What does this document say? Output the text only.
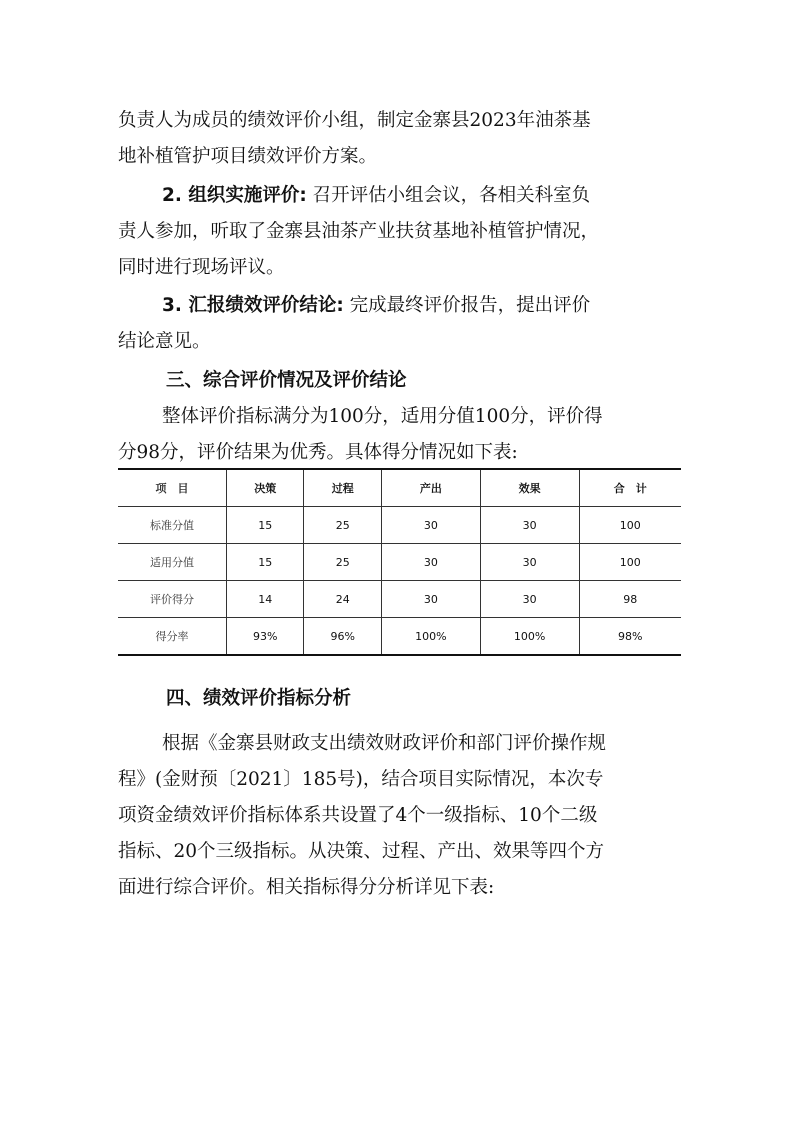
负责人为成员的绩效评价小组，制定金寨县2023年油茶基
地补植管护项目绩效评价方案。

2. 组织实施评价: 召开评估小组会议，各相关科室负
责人参加，听取了金寨县油茶产业扶贫基地补植管护情况，
同时进行现场评议。

3. 汇报绩效评价结论: 完成最终评价报告，提出评价
结论意见。

三、综合评价情况及评价结论

整体评价指标满分为100分，适用分值100分，评价得
分98分，评价结果为优秀。具体得分情况如下表:

项　目	决策	过程	产出	效果	合　计
标准分值	15	25	30	30	100
适用分值	15	25	30	30	100
评价得分	14	24	30	30	98
得分率	93%	96%	100%	100%	98%
四、绩效评价指标分析

根据《金寨县财政支出绩效财政评价和部门评价操作规
程》(金财预〔2021〕185号)，结合项目实际情况，本次专
项资金绩效评价指标体系共设置了4个一级指标、10个二级
指标、20个三级指标。从决策、过程、产出、效果等四个方
面进行综合评价。相关指标得分分析详见下表:
